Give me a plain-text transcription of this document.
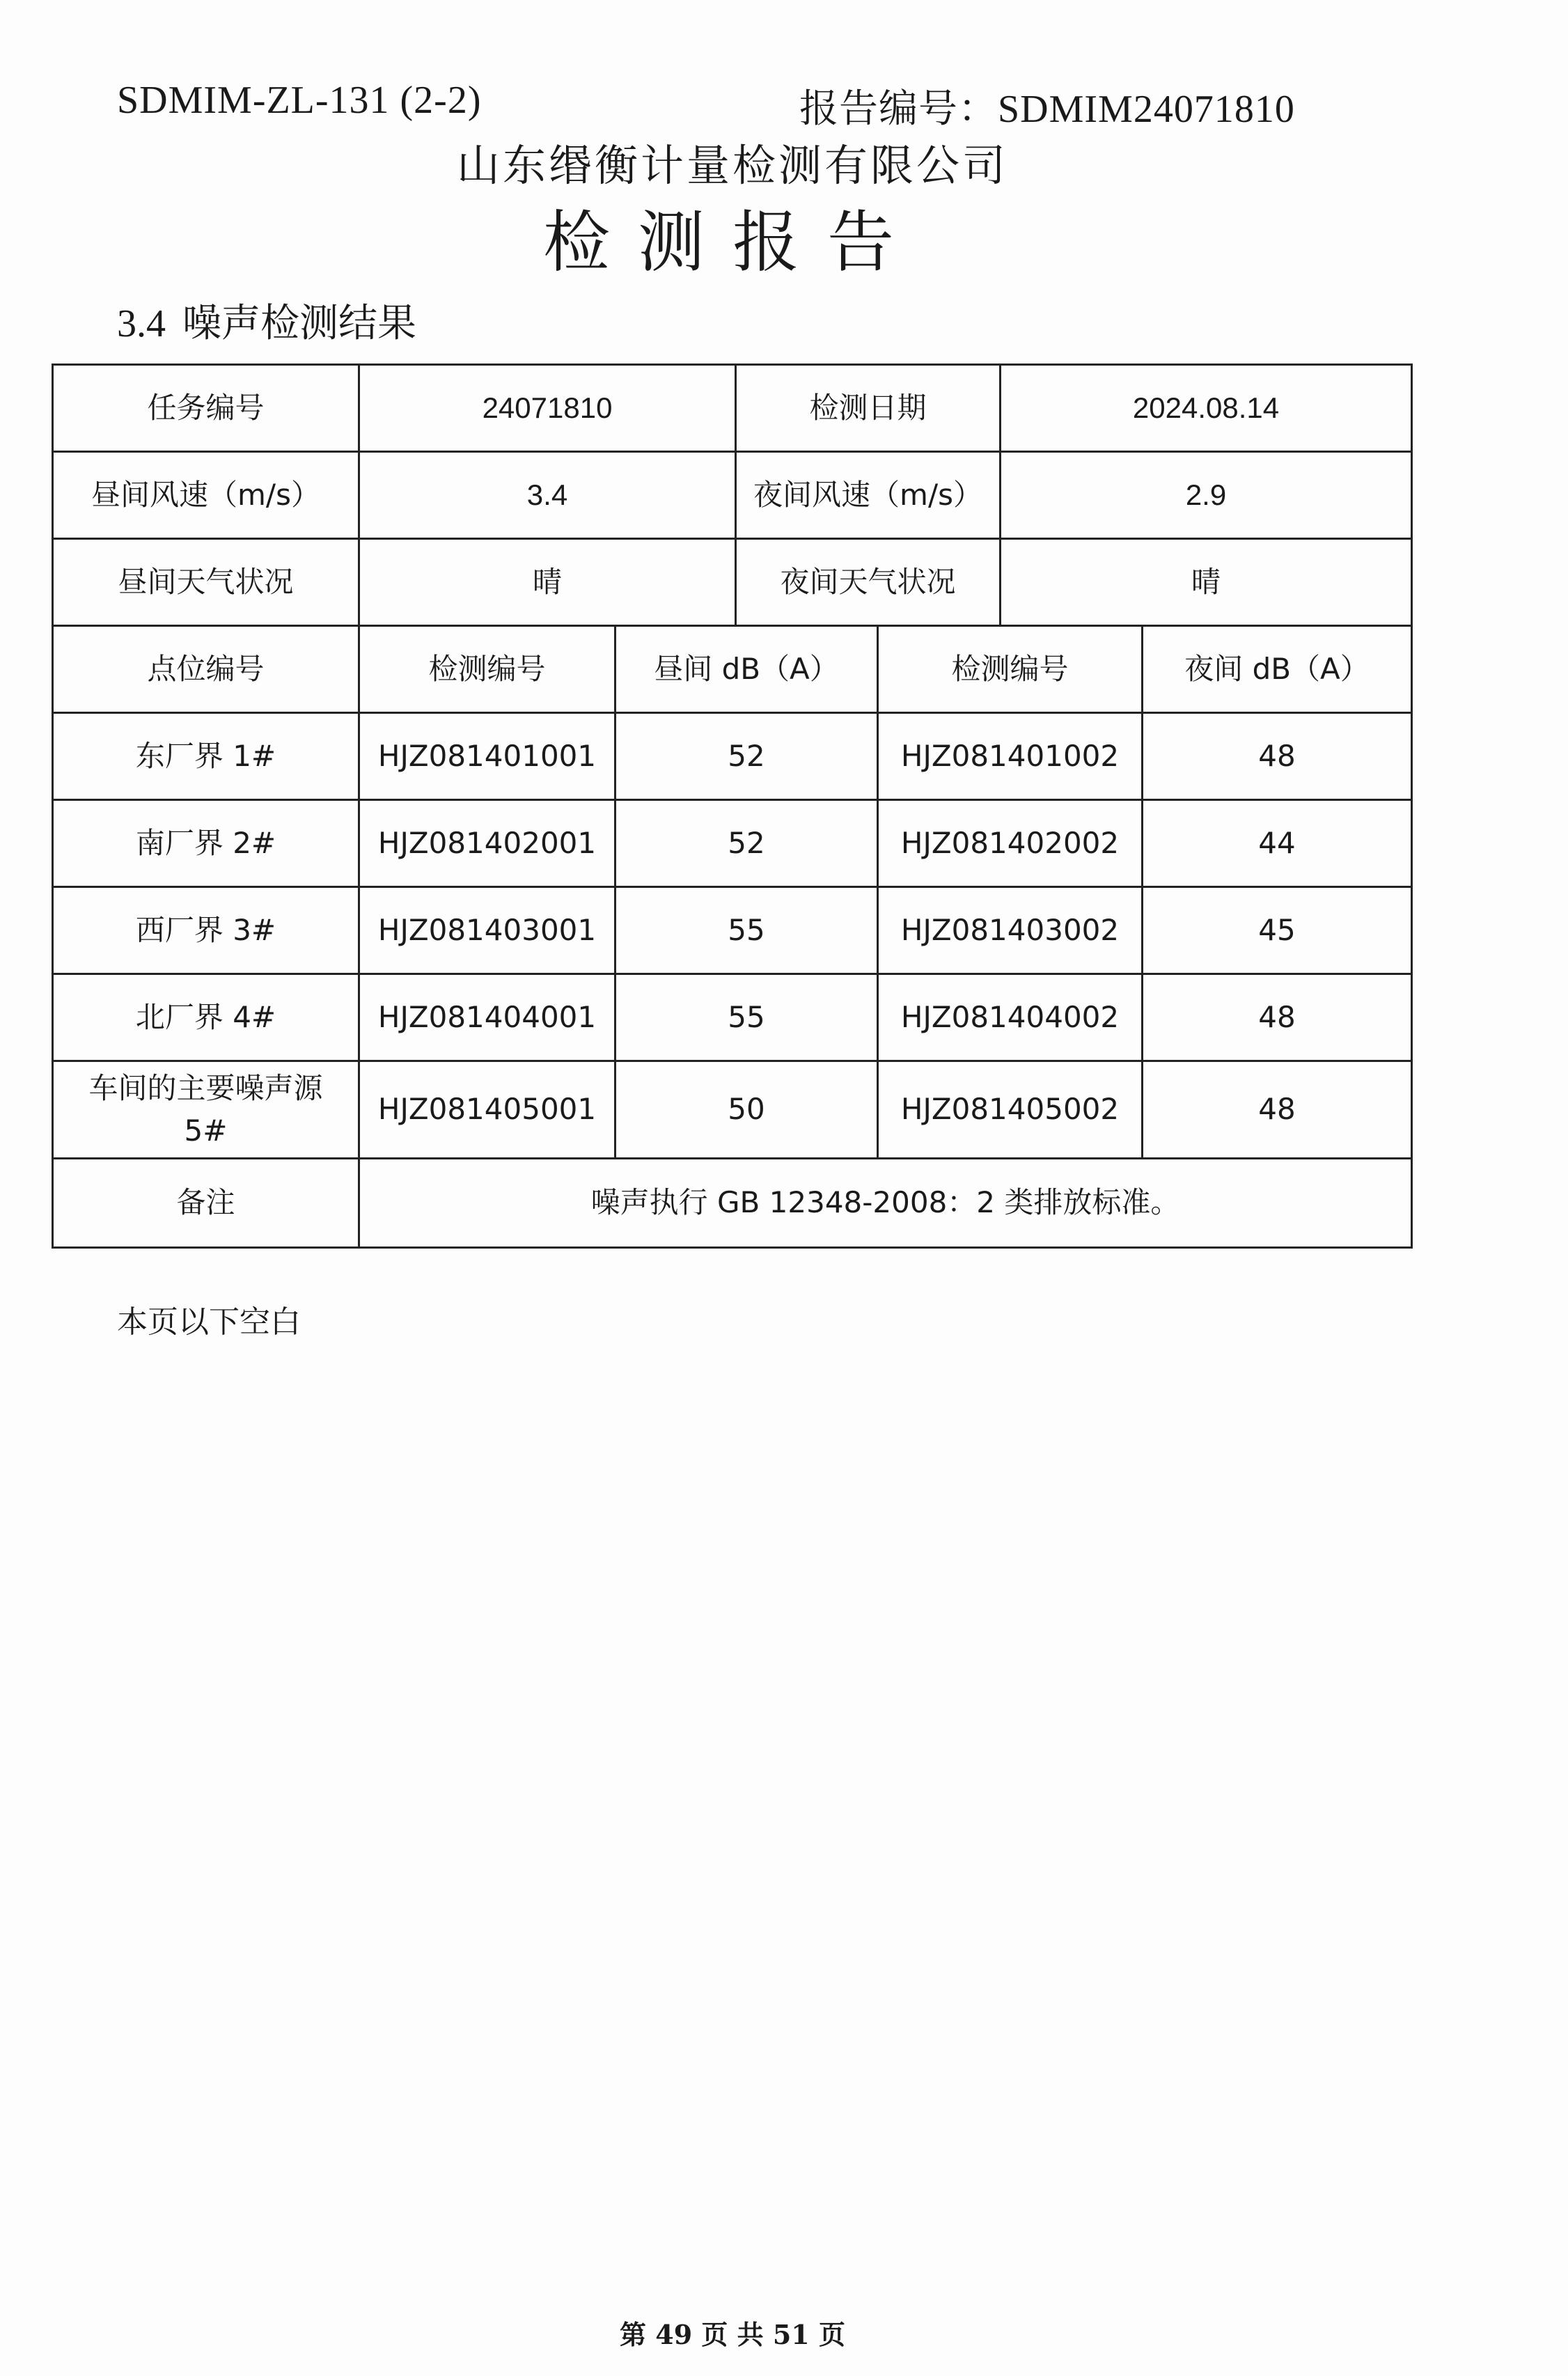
SDMIM-ZL-131 (2-2)	报告编号：SDMIM24071810
山东缗衡计量检测有限公司
检测报告
3.4 噪声检测结果
任务编号	24071810	检测日期	2024.08.14
昼间风速（m/s）	3.4	夜间风速（m/s）	2.9
昼间天气状况	晴	夜间天气状况	晴
点位编号	检测编号	昼间 dB（A）	检测编号	夜间 dB（A）
东厂界 1#	HJZ081401001	52	HJZ081401002	48
南厂界 2#	HJZ081402001	52	HJZ081402002	44
西厂界 3#	HJZ081403001	55	HJZ081403002	45
北厂界 4#	HJZ081404001	55	HJZ081404002	48
车间的主要噪声源 5#	HJZ081405001	50	HJZ081405002	48
备注	噪声执行 GB 12348-2008：2 类排放标准。			
本页以下空白
第 49 页 共 51 页
